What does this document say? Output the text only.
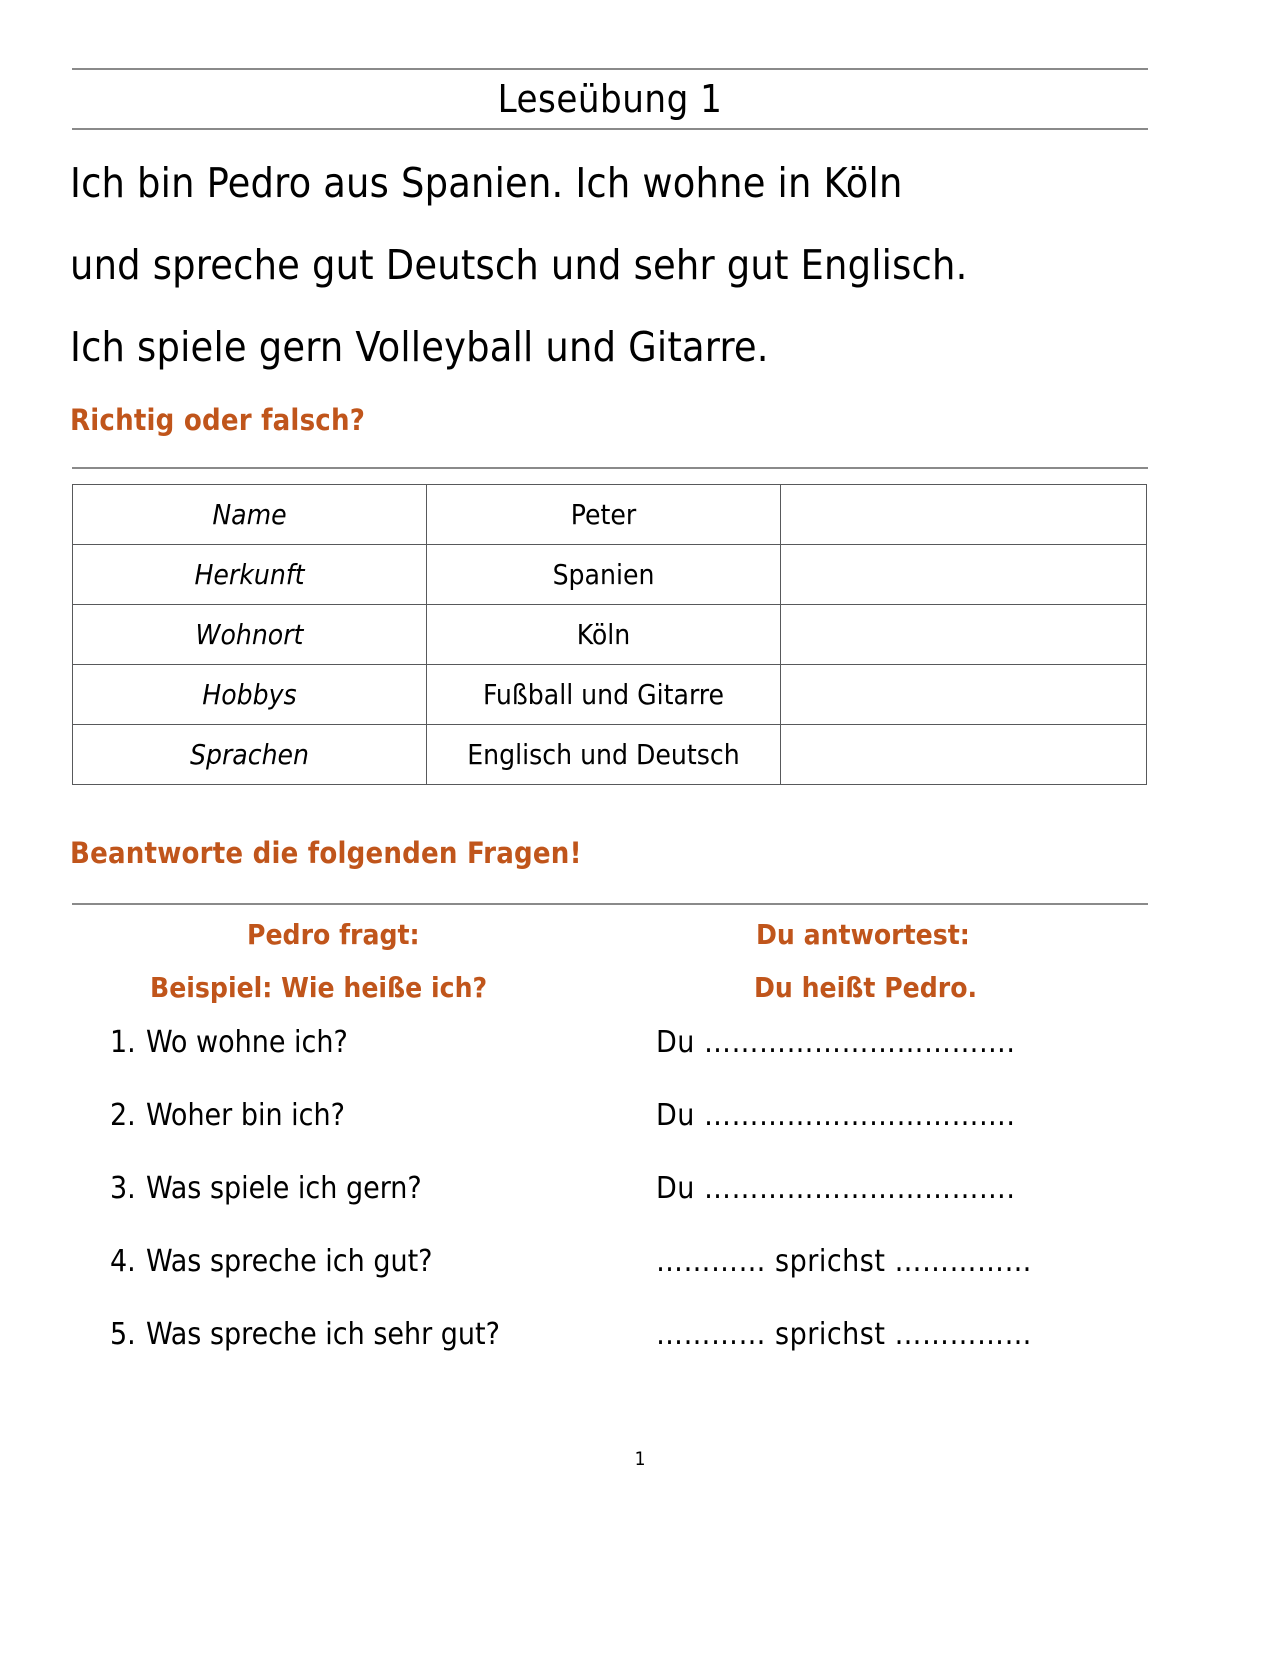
Leseübung 1
Ich bin Pedro aus Spanien. Ich wohne in Köln
und spreche gut Deutsch und sehr gut Englisch.
Ich spiele gern Volleyball und Gitarre.
Richtig oder falsch?
Name	Peter	
Herkunft	Spanien	
Wohnort	Köln	
Hobbys	Fußball und Gitarre	
Sprachen	Englisch und Deutsch	
Beantworte die folgenden Fragen!
Pedro fragt:	Du antwortest:
Beispiel: Wie heiße ich?	Du heißt Pedro.
1. Wo wohne ich?	Du …………………………….
2. Woher bin ich?	Du …………………………….
3. Was spiele ich gern?	Du …………………………….
4. Was spreche ich gut?	………… sprichst ……………
5. Was spreche ich sehr gut?	………… sprichst ……………
1
